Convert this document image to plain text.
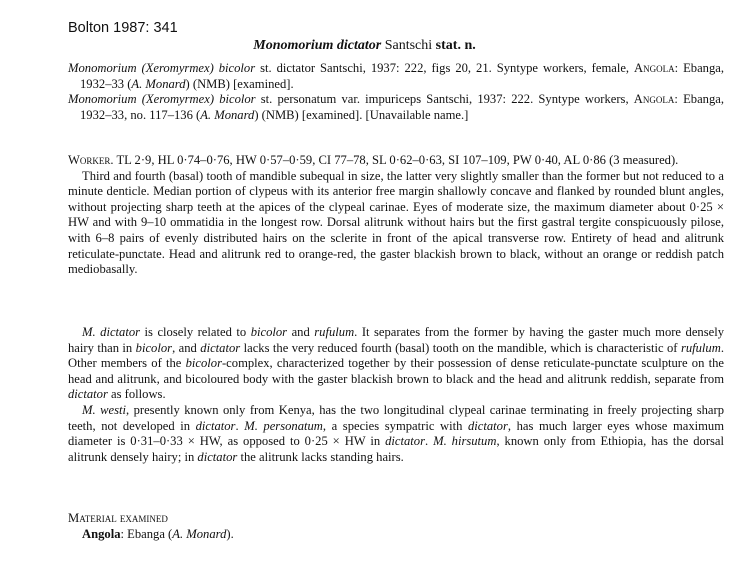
Bolton 1987: 341
Monomorium dictator Santschi stat. n.

Monomorium (Xeromyrmex) bicolor st. dictator Santschi, 1937: 222, figs 20, 21. Syntype workers, female, Angola: Ebanga, 1932–33 (A. Monard) (NMB) [examined].

Monomorium (Xeromyrmex) bicolor st. personatum var. impuriceps Santschi, 1937: 222. Syntype workers, Angola: Ebanga, 1932–33, no. 117–136 (A. Monard) (NMB) [examined]. [Unavailable name.]

Worker. TL 2·9, HL 0·74–0·76, HW 0·57–0·59, CI 77–78, SL 0·62–0·63, SI 107–109, PW 0·40, AL 0·86 (3 measured).

Third and fourth (basal) tooth of mandible subequal in size, the latter very slightly smaller than the former but not reduced to a minute denticle. Median portion of clypeus with its anterior free margin shallowly concave and flanked by rounded blunt angles, without projecting sharp teeth at the apices of the clypeal carinae. Eyes of moderate size, the maximum diameter about 0·25 × HW and with 9–10 ommatidia in the longest row. Dorsal alitrunk without hairs but the first gastral tergite conspicuously pilose, with 6–8 pairs of evenly distributed hairs on the sclerite in front of the apical transverse row. Entirety of head and alitrunk reticulate-punctate. Head and alitrunk red to orange-red, the gaster blackish brown to black, without an orange or reddish patch mediobasally.

M. dictator is closely related to bicolor and rufulum. It separates from the former by having the gaster much more densely hairy than in bicolor, and dictator lacks the very reduced fourth (basal) tooth on the mandible, which is characteristic of rufulum. Other members of the bicolor-complex, characterized together by their possession of dense reticulate-punctate sculpture on the head and alitrunk, and bicoloured body with the gaster blackish brown to black and the head and alitrunk reddish, separate from dictator as follows.

M. westi, presently known only from Kenya, has the two longitudinal clypeal carinae terminating in freely projecting sharp teeth, not developed in dictator. M. personatum, a species sympatric with dictator, has much larger eyes whose maximum diameter is 0·31–0·33 × HW, as opposed to 0·25 × HW in dictator. M. hirsutum, known only from Ethiopia, has the dorsal alitrunk densely hairy; in dictator the alitrunk lacks standing hairs.

Material examined

Angola: Ebanga (A. Monard).
